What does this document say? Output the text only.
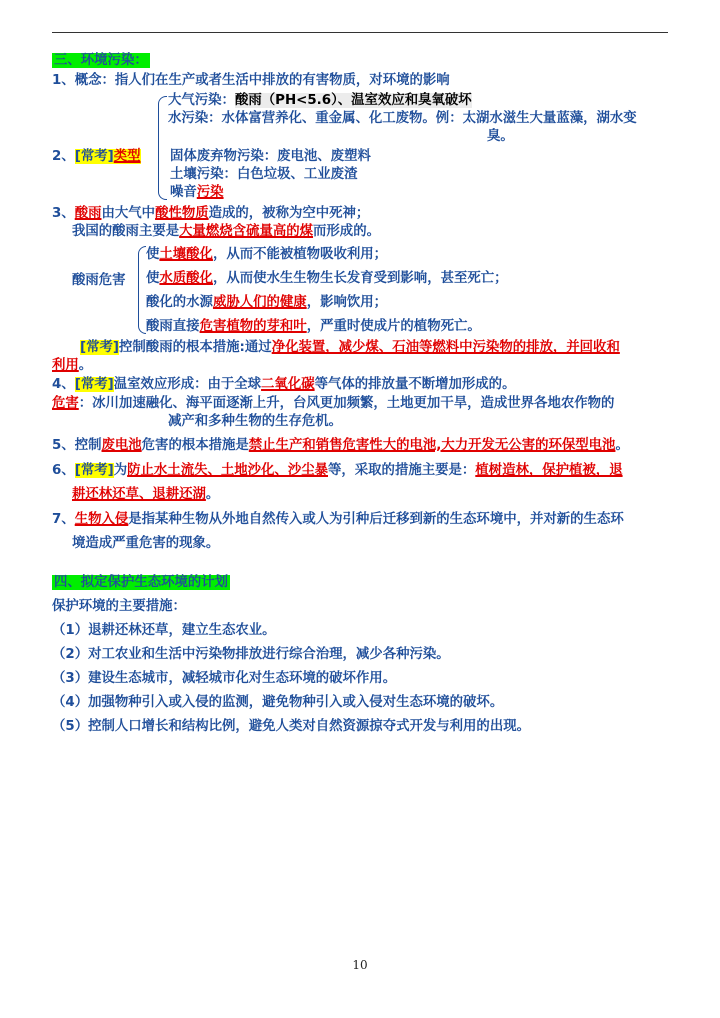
三、环境污染：
1、概念：指人们在生产或者生活中排放的有害物质，对环境的影响
大气污染：酸雨（PH<5.6）、温室效应和臭氧破坏
水污染：水体富营养化、重金属、化工废物。例：太湖水滋生大量蓝藻，湖水变
臭。
2、[常考]类型 固体废弃物污染：废电池、废塑料
土壤污染：白色垃圾、工业废渣
噪音污染
3、酸雨由大气中酸性物质造成的，被称为空中死神；
我国的酸雨主要是大量燃烧含硫量高的煤而形成的。
酸雨危害
使土壤酸化，从而不能被植物吸收利用；
使水质酸化，从而使水生生物生长发育受到影响，甚至死亡；
酸化的水源威胁人们的健康，影响饮用；
酸雨直接危害植物的芽和叶，严重时使成片的植物死亡。
[常考]控制酸雨的根本措施:通过净化装置，减少煤、石油等燃料中污染物的排放，并回收和
利用。
4、[常考]温室效应形成：由于全球二氧化碳等气体的排放量不断增加形成的。
危害：冰川加速融化、海平面逐渐上升，台风更加频繁，土地更加干旱，造成世界各地农作物的
减产和多种生物的生存危机。
5、控制废电池危害的根本措施是禁止生产和销售危害性大的电池,大力开发无公害的环保型电池。
6、[常考]为防止水土流失、土地沙化、沙尘暴等，采取的措施主要是：植树造林，保护植被，退
耕还林还草、退耕还湖。
7、生物入侵是指某种生物从外地自然传入或人为引种后迁移到新的生态环境中，并对新的生态环
境造成严重危害的现象。
四、拟定保护生态环境的计划
保护环境的主要措施：
（1）退耕还林还草，建立生态农业。
（2）对工农业和生活中污染物排放进行综合治理，减少各种污染。
（3）建设生态城市，减轻城市化对生态环境的破坏作用。
（4）加强物种引入或入侵的监测，避免物种引入或入侵对生态环境的破坏。
（5）控制人口增长和结构比例，避免人类对自然资源掠夺式开发与利用的出现。
10
